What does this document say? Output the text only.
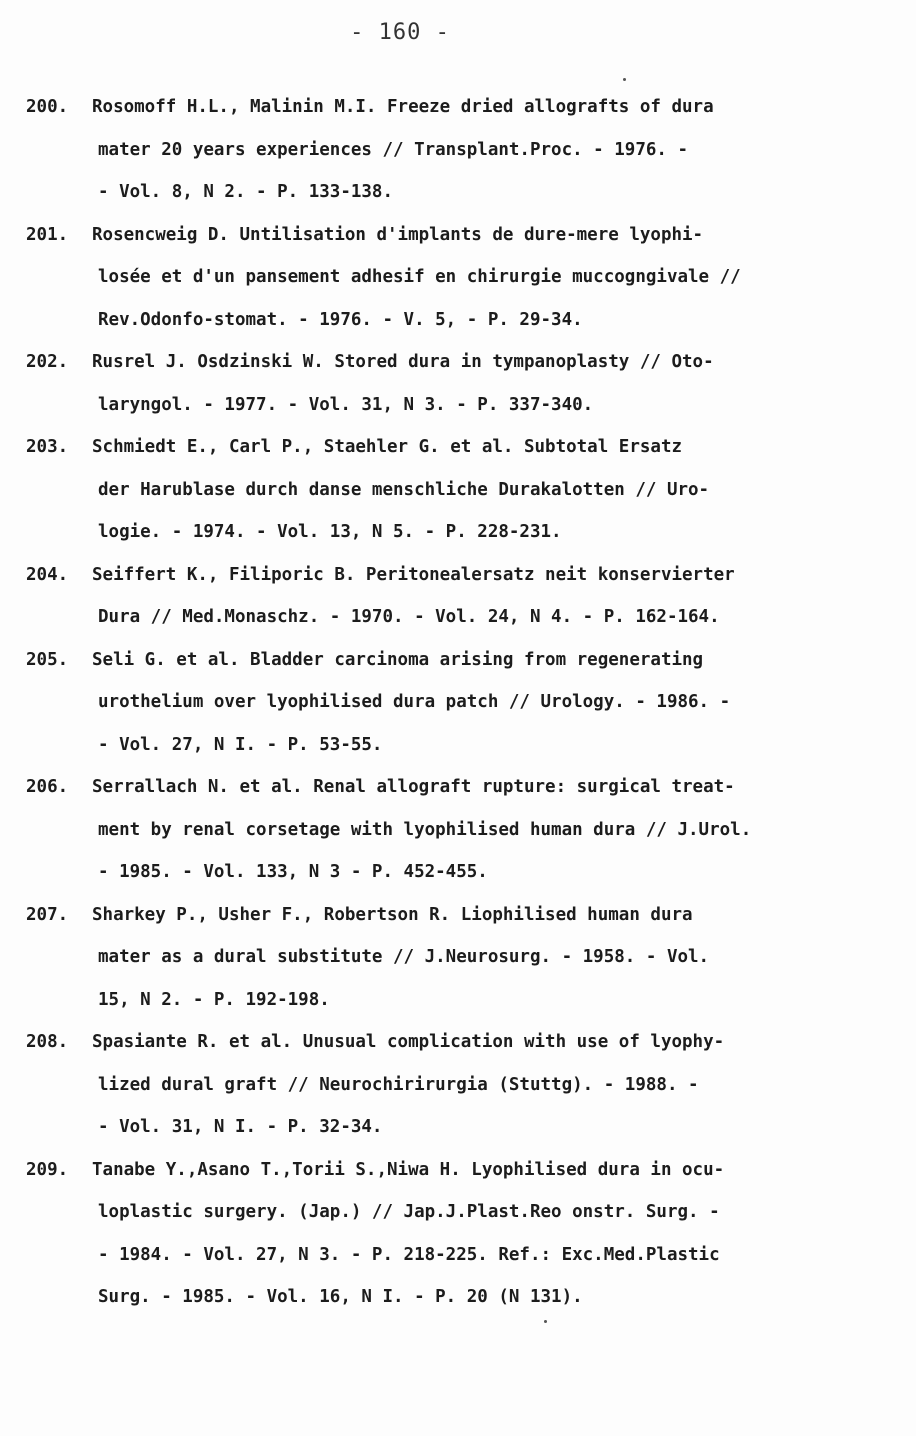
- 160 -
200.	Rosomoff H.L., Malinin M.I. Freeze dried allografts of dura
mater 20 years experiences // Transplant.Proc. - 1976. -
- Vol. 8, N 2. - P. 133-138.
201.	Rosencweig D. Untilisation d'implants de dure-mere lyophi-
losée et d'un pansement adhesif en chirurgie muccogngivale //
Rev.Odonfo-stomat. - 1976. - V. 5, - P. 29-34.
202.	Rusrel J. Osdzinski W. Stored dura in tympanoplasty // Oto-
laryngol. - 1977. - Vol. 31, N 3. - P. 337-340.
203.	Schmiedt E., Carl P., Staehler G. et al. Subtotal Ersatz
der Harublase durch danse menschliche Durakalotten // Uro-
logie. - 1974. - Vol. 13, N 5. - P. 228-231.
204.	Seiffert K., Filiporic B. Peritonealersatz neit konservierter
Dura // Med.Monaschz. - 1970. - Vol. 24, N 4. - P. 162-164.
205.	Seli G. et al. Bladder carcinoma arising from regenerating
urothelium over lyophilised dura patch // Urology. - 1986. -
- Vol. 27, N I. - P. 53-55.
206.	Serrallach N. et al. Renal allograft rupture: surgical treat-
ment by renal corsetage with lyophilised human dura // J.Urol.
- 1985. - Vol. 133, N 3 - P. 452-455.
207.	Sharkey P., Usher F., Robertson R. Liophilised human dura
mater as a dural substitute // J.Neurosurg. - 1958. - Vol.
15, N 2. - P. 192-198.
208.	Spasiante R. et al. Unusual complication with use of lyophy-
lized dural graft // Neurochirirurgia (Stuttg). - 1988. -
- Vol. 31, N I. - P. 32-34.
209.	Tanabe Y.,Asano T.,Torii S.,Niwa H. Lyophilised dura in ocu-
loplastic surgery. (Jap.) // Jap.J.Plast.Reo onstr. Surg. -
- 1984. - Vol. 27, N 3. - P. 218-225. Ref.: Exc.Med.Plastic
Surg. - 1985. - Vol. 16, N I. - P. 20 (N 131).
